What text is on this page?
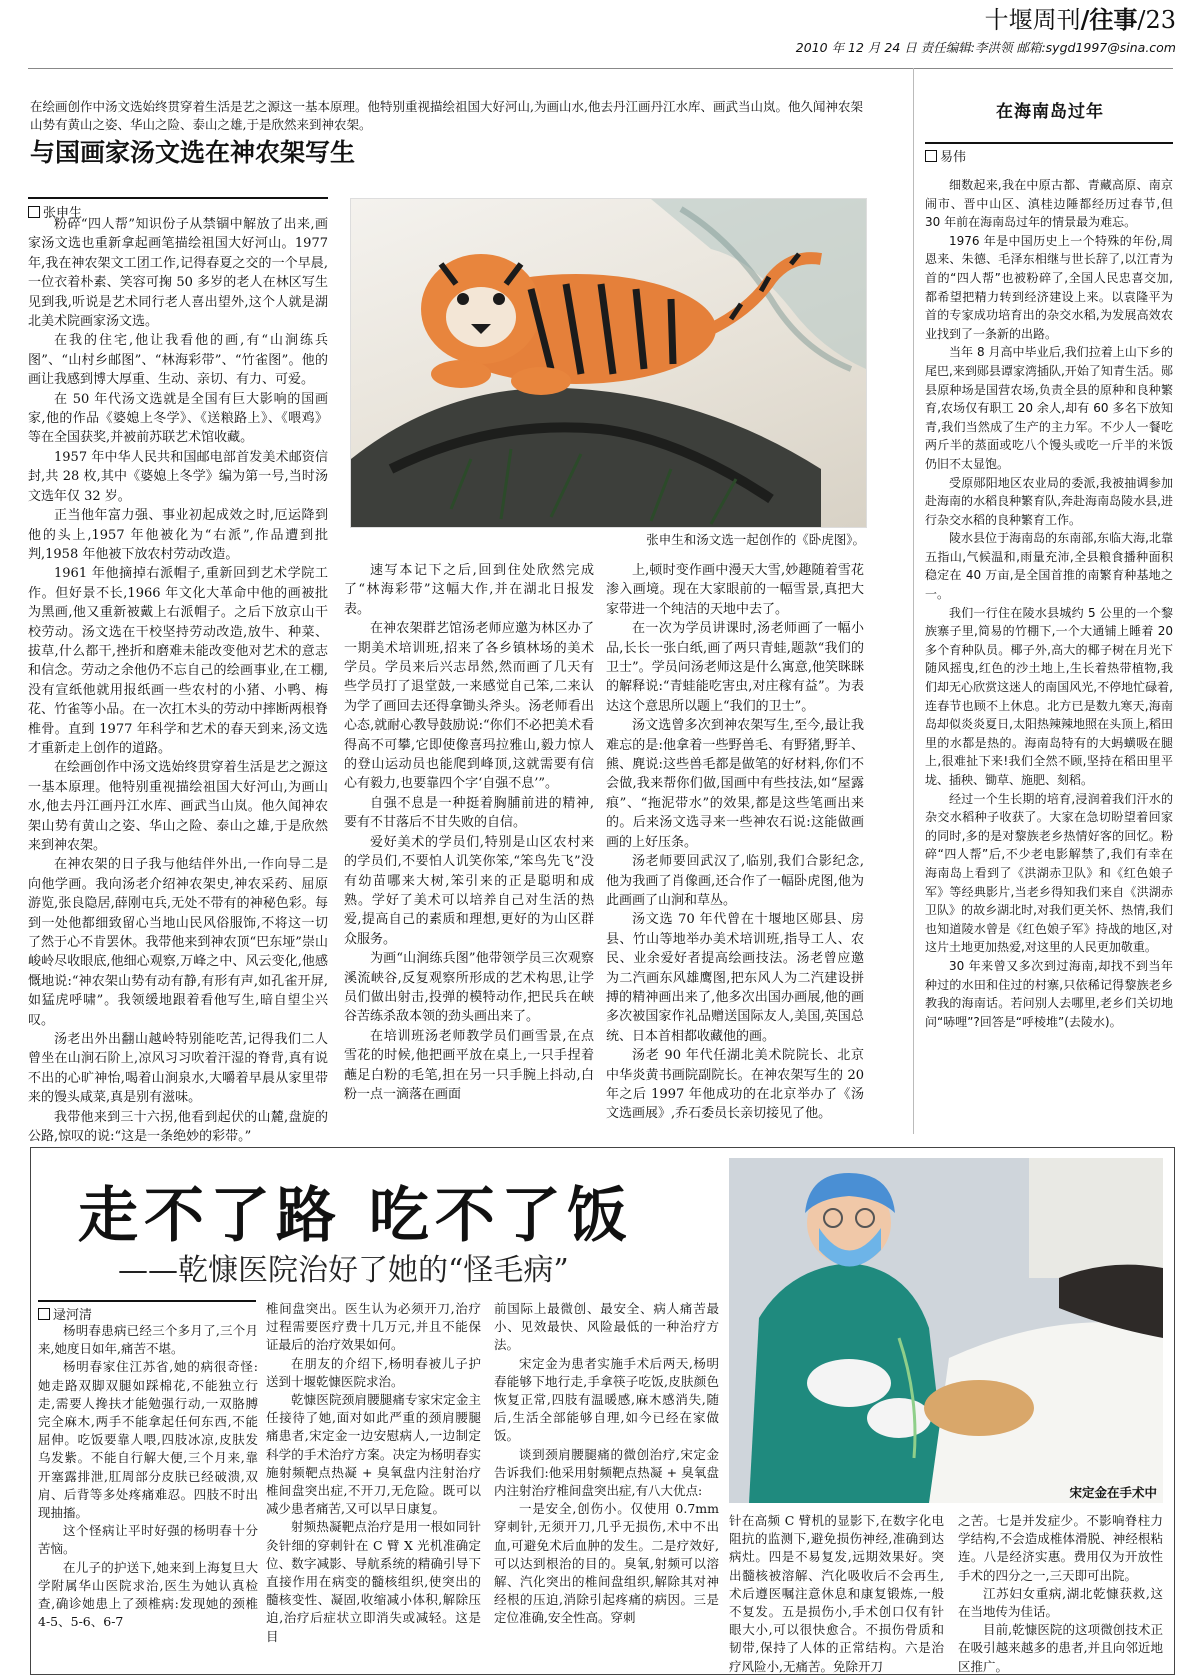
十堰周刊/往事/23
2010 年 12 月 24 日 责任编辑:李洪领 邮箱:sygd1997@sina.com
在绘画创作中汤文选始终贯穿着生活是艺之源这一基本原理。他特别重视描绘祖国大好河山,为画山水,他去丹江画丹江水库、画武当山岚。他久闻神农架山势有黄山之姿、华山之险、泰山之雄,于是欣然来到神农架。
与国画家汤文选在神农架写生
张申生
张申生和汤文选一起创作的《卧虎图》。

粉碎“四人帮”知识份子从禁锢中解放了出来,画家汤文选也重新拿起画笔描绘祖国大好河山。1977 年,我在神农架文工团工作,记得春夏之交的一个早晨,一位衣着朴素、笑容可掬 50 多岁的老人在林区写生见到我,听说是艺术同行老人喜出望外,这个人就是湖北美术院画家汤文选。

在我的住宅,他让我看他的画,有“山涧练兵图”、“山村乡邮图”、“林海彩带”、“竹雀图”。他的画让我感到博大厚重、生动、亲切、有力、可爱。

在 50 年代汤文选就是全国有巨大影响的国画家,他的作品《婆媳上冬学》、《送粮路上》、《喂鸡》等在全国获奖,并被前苏联艺术馆收藏。

1957 年中华人民共和国邮电部首发美术邮资信封,共 28 枚,其中《婆媳上冬学》编为第一号,当时汤文选年仅 32 岁。

正当他年富力强、事业初起成效之时,厄运降到他的头上,1957 年他被化为“右派”,作品遭到批判,1958 年他被下放农村劳动改造。

1961 年他摘掉右派帽子,重新回到艺术学院工作。但好景不长,1966 年文化大革命中他的画被批为黑画,他又重新被戴上右派帽子。之后下放京山干校劳动。汤文选在干校坚持劳动改造,放牛、种菜、拔草,什么都干,挫折和磨难未能改变他对艺术的意志和信念。劳动之余他仍不忘自己的绘画事业,在工棚,没有宣纸他就用报纸画一些农村的小猪、小鸭、梅花、竹雀等小品。在一次扛木头的劳动中摔断两根脊椎骨。直到 1977 年科学和艺术的春天到来,汤文选才重新走上创作的道路。

在绘画创作中汤文选始终贯穿着生活是艺之源这一基本原理。他特别重视描绘祖国大好河山,为画山水,他去丹江画丹江水库、画武当山岚。他久闻神农架山势有黄山之姿、华山之险、泰山之雄,于是欣然来到神农架。

在神农架的日子我与他结伴外出,一作向导二是向他学画。我向汤老介绍神农架史,神农采药、屈原游览,张良隐居,薛刚屯兵,无处不带有的神秘色彩。每到一处他都细致留心当地山民风俗服饰,不将这一切了然于心不肯罢休。我带他来到神农顶“巴东垭”崇山峻岭尽收眼底,他细心观察,万峰之中、风云变化,他感慨地说:“神农架山势有动有静,有形有声,如孔雀开屏,如猛虎呼啸”。我领缓地跟着看他写生,暗自望尘兴叹。

汤老出外出翻山越岭特别能吃苦,记得我们二人曾坐在山涧石阶上,凉风习习吹着汗湿的脊背,真有说不出的心旷神怡,喝着山涧泉水,大嚼着早晨从家里带来的馒头咸菜,真是别有滋味。

我带他来到三十六拐,他看到起伏的山麓,盘旋的公路,惊叹的说:“这是一条绝妙的彩带。”

速写本记下之后,回到住处欣然完成了“林海彩带”这幅大作,并在湖北日报发表。

在神农架群艺馆汤老师应邀为林区办了一期美术培训班,招来了各乡镇林场的美术学员。学员来后兴志昂然,然而画了几天有些学员打了退堂鼓,一来感觉自己笨,二来认为学了画回去还得拿锄头斧头。汤老师看出心态,就耐心教导鼓励说:“你们不必把美术看得高不可攀,它即使像喜玛拉雅山,毅力惊人的登山运动员也能爬到峰顶,这就需要有信心有毅力,也要靠四个字‘自强不息’”。

自强不息是一种挺着胸脯前进的精神,要有不甘落后不甘失败的自信。

爱好美术的学员们,特别是山区农村来的学员们,不要怕人讥笑你笨,“笨鸟先飞”没有幼苗哪来大树,笨引来的正是聪明和成熟。学好了美术可以培养自己对生活的热爱,提高自己的素质和理想,更好的为山区群众服务。

为画“山涧练兵图”他带领学员三次观察溪流峡谷,反复观察所形成的艺术构思,让学员们做出射击,投弹的模特动作,把民兵在峡谷苦练杀敌本领的劲头画出来了。

在培训班汤老师教学员们画雪景,在点雪花的时候,他把画平放在桌上,一只手捏着蘸足白粉的毛笔,担在另一只手腕上抖动,白粉一点一滴落在画面

上,顿时变作画中漫天大雪,妙趣随着雪花渗入画境。现在大家眼前的一幅雪景,真把大家带进一个纯洁的天地中去了。

在一次为学员讲课时,汤老师画了一幅小品,长长一张白纸,画了两只青蛙,题款“我们的卫士”。学员问汤老师这是什么寓意,他笑眯眯的解释说:“青蛙能吃害虫,对庄稼有益”。为表达这个意思所以题上“我们的卫士”。

汤文选曾多次到神农架写生,至今,最让我难忘的是:他拿着一些野兽毛、有野猪,野羊、熊、麂说:这些兽毛都是做笔的好材料,你们不会做,我来帮你们做,国画中有些技法,如“屋露痕”、“拖泥带水”的效果,都是这些笔画出来的。后来汤文选寻来一些神农石说:这能做画画的上好压条。

汤老师要回武汉了,临别,我们合影纪念,他为我画了肖像画,还合作了一幅卧虎图,他为此画画了山涧和草丛。

汤文选 70 年代曾在十堰地区郧县、房县、竹山等地举办美术培训班,指导工人、农民、业余爱好者提高绘画技法。汤老曾应邀为二汽画东风雄鹰图,把东风人为二汽建设拼搏的精神画出来了,他多次出国办画展,他的画多次被国家作礼品赠送国际友人,美国,英国总统、日本首相都收藏他的画。

汤老 90 年代任湖北美术院院长、北京中华炎黄书画院副院长。在神农架写生的 20 年之后 1997 年他成功的在北京举办了《汤文选画展》,乔石委员长亲切接见了他。

在海南岛过年
易伟

细数起来,我在中原古都、青藏高原、南京闹市、晋中山区、滇桂边陲都经历过春节,但 30 年前在海南岛过年的情景最为难忘。

1976 年是中国历史上一个特殊的年份,周恩来、朱德、毛泽东相继与世长辞了,以江青为首的“四人帮”也被粉碎了,全国人民忠喜交加,都希望把精力转到经济建设上来。以袁隆平为首的专家成功培育出的杂交水稻,为发展高效农业找到了一条新的出路。

当年 8 月高中毕业后,我们拉着上山下乡的尾巴,来到郧县谭家湾插队,开始了知青生活。郧县原种场是国营农场,负责全县的原种和良种繁育,农场仅有职工 20 余人,却有 60 多名下放知青,我们当然成了生产的主力军。不少人一餐吃两斤半的蒸面或吃八个馒头或吃一斤半的米饭仍旧不太显饱。

受原郧阳地区农业局的委派,我被抽调参加赴海南的水稻良种繁育队,奔赴海南岛陵水县,进行杂交水稻的良种繁育工作。

陵水县位于海南岛的东南部,东临大海,北靠五指山,气候温和,雨量充沛,全县粮食播种面积稳定在 40 万亩,是全国首推的南繁育种基地之一。

我们一行住在陵水县城约 5 公里的一个黎族寨子里,简易的竹棚下,一个大通铺上睡着 20 多个育种队员。椰子外,高大的椰子树在月光下随风摇曳,红色的沙土地上,生长着热带植物,我们却无心欣赏这迷人的南国风光,不停地忙碌着,连春节也顾不上休息。北方已是数九寒天,海南岛却似炎炎夏日,太阳热辣辣地照在头顶上,稻田里的水都是热的。海南岛特有的大蚂蟥吸在腿上,很难扯下来!我们全然不顾,坚持在稻田里平垅、插秧、锄草、施肥、刻稻。

经过一个生长期的培育,浸润着我们汗水的杂交水稻种子收获了。大家在急切盼望着回家的同时,多的是对黎族老乡热情好客的回忆。粉碎“四人帮”后,不少老电影解禁了,我们有幸在海南岛上看到了《洪湖赤卫队》和《红色娘子军》等经典影片,当老乡得知我们来自《洪湖赤卫队》的故乡湖北时,对我们更关怀、热情,我们也知道陵水曾是《红色娘子军》持战的地区,对这片土地更加热爱,对这里的人民更加敬重。

30 年来曾又多次到过海南,却找不到当年种过的水田和住过的村寨,只依稀记得黎族老乡教我的海南话。若问别人去哪里,老乡们关切地问“哧哩”?回答是“呼棱堆”(去陵水)。

走不了路 吃不了饭
——乾慷医院治好了她的“怪毛病”
逯河清
宋定金在手术中

杨明春患病已经三个多月了,三个月来,她度日如年,痛苦不堪。

杨明春家住江苏省,她的病很奇怪:她走路双脚双腿如踩棉花,不能独立行走,需要人搀扶才能勉强行动,一双胳膊完全麻木,两手不能拿起任何东西,不能屈伸。吃饭要靠人喂,四肢冰凉,皮肤发乌发紫。不能自行解大便,三个月来,靠开塞露排泄,肛周部分皮肤已经破溃,双肩、后背等多处疼痛难忍。四肢不时出现抽搐。

这个怪病让平时好强的杨明春十分苦恼。

在儿子的护送下,她来到上海复旦大学附属华山医院求治,医生为她认真检查,确诊她患上了颈椎病:发现她的颈椎 4-5、5-6、6-7

椎间盘突出。医生认为必须开刀,治疗过程需要医疗费十几万元,并且不能保证最后的治疗效果如何。

在朋友的介绍下,杨明春被儿子护送到十堰乾慷医院求治。

乾慷医院颈肩腰腿痛专家宋定金主任接待了她,面对如此严重的颈肩腰腿痛患者,宋定金一边安慰病人,一边制定科学的手术治疗方案。决定为杨明春实施射频靶点热凝 + 臭氧盘内注射治疗椎间盘突出症,不开刀,无危险。既可以减少患者痛苦,又可以早日康复。

射频热凝靶点治疗是用一根如同针灸针细的穿刺针在 C 臂 X 光机准确定位、数字减影、导航系统的精确引导下直接作用在病变的髓核组织,使突出的髓核变性、凝固,收缩减小体积,解除压迫,治疗后症状立即消失或减轻。这是目

前国际上最微创、最安全、病人痛苦最小、见效最快、风险最低的一种治疗方法。

宋定金为患者实施手术后两天,杨明春能够下地行走,手拿筷子吃饭,皮肤颜色恢复正常,四肢有温暖感,麻木感消失,随后,生活全部能够自理,如今已经在家做饭。

谈到颈肩腰腿痛的微创治疗,宋定金告诉我们:他采用射频靶点热凝 + 臭氧盘内注射治疗椎间盘突出症,有八大优点:

一是安全,创伤小。仅使用 0.7mm 穿刺针,无须开刀,几乎无损伤,术中不出血,可避免术后血肿的发生。二是疗效好,可以达到根治的目的。臭氧,射频可以溶解、汽化突出的椎间盘组织,解除其对神经根的压迫,消除引起疼痛的病因。三是定位准确,安全性高。穿刺

针在高频 C 臂机的显影下,在数字化电阻抗的监测下,避免损伤神经,准确到达病灶。四是不易复发,远期效果好。突出髓核被溶解、汽化吸收后不会再生,术后遵医嘱注意休息和康复锻炼,一般不复发。五是损伤小,手术创口仅有针眼大小,可以很快愈合。不损伤骨质和韧带,保持了人体的正常结构。六是治疗风险小,无痛苦。免除开刀

之苦。七是并发症少。不影响脊柱力学结构,不会造成椎体滑脱、神经根粘连。八是经济实惠。费用仅为开放性手术的四分之一,三天即可出院。

江苏妇女重病,湖北乾慷获救,这在当地传为佳话。

目前,乾慷医院的这项微创技术正在吸引越来越多的患者,并且向邻近地区推广。
